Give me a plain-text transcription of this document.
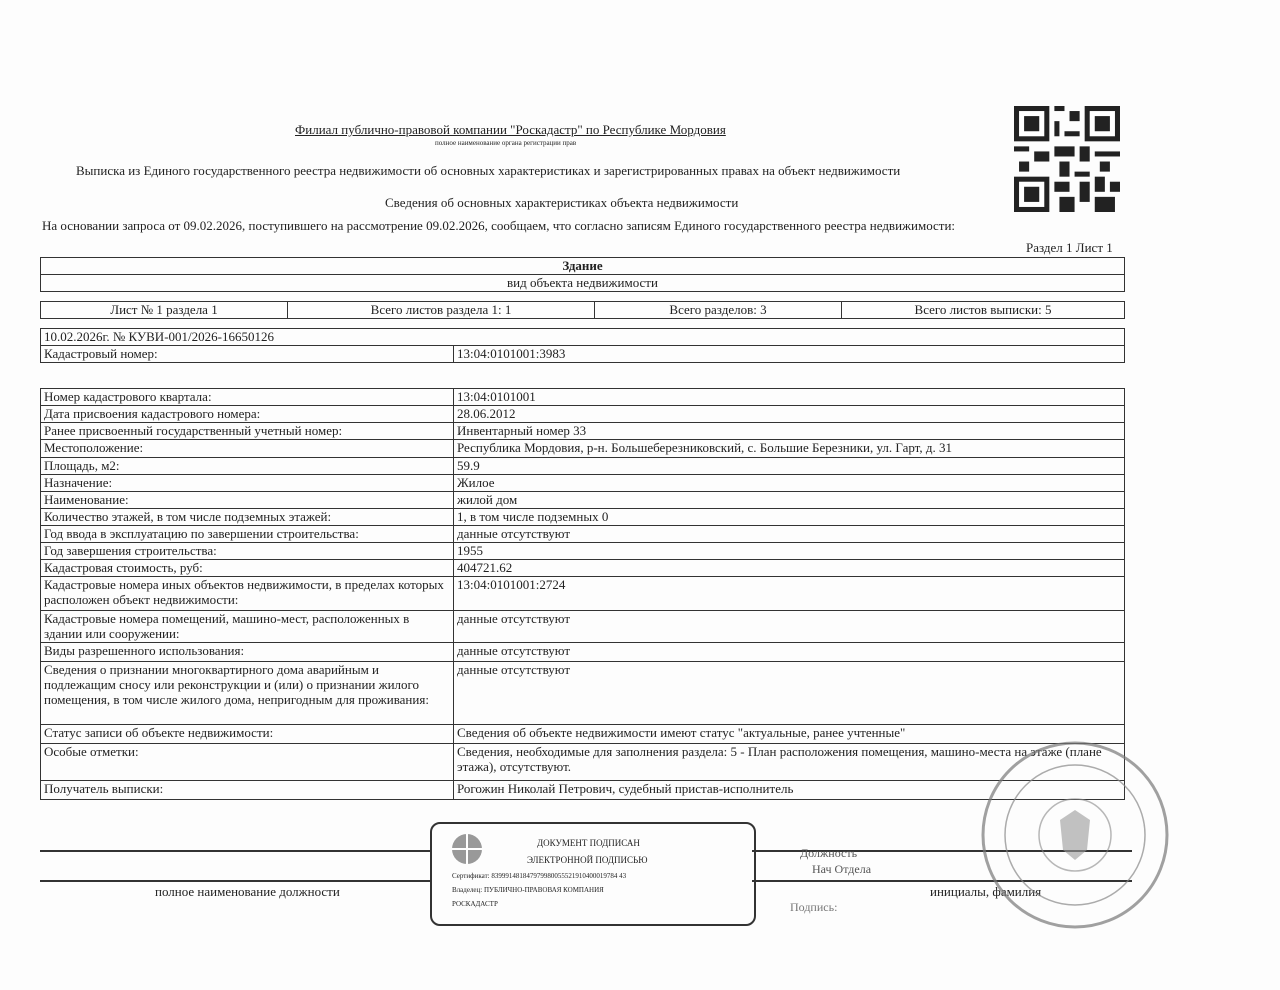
Филиал публично-правовой компании "Роскадастр" по Республике Мордовия
полное наименование органа регистрации прав
Выписка из Единого государственного реестра недвижимости об основных характеристиках и зарегистрированных правах на объект недвижимости
Сведения об основных характеристиках объекта недвижимости
На основании запроса от 09.02.2026, поступившего на рассмотрение 09.02.2026, сообщаем, что согласно записям Единого государственного реестра недвижимости:
Раздел 1 Лист 1
Здание
вид объекта недвижимости
Лист № 1 раздела 1	Всего листов раздела 1: 1	Всего разделов: 3	Всего листов выписки: 5
10.02.2026г. № КУВИ-001/2026-16650126
Кадастровый номер:	13:04:0101001:3983
Номер кадастрового квартала:	13:04:0101001
Дата присвоения кадастрового номера:	28.06.2012
Ранее присвоенный государственный учетный номер:	Инвентарный номер 33
Местоположение:	Республика Мордовия, р-н. Большеберезниковский, с. Большие Березники, ул. Гарт, д. 31
Площадь, м2:	59.9
Назначение:	Жилое
Наименование:	жилой дом
Количество этажей, в том числе подземных этажей:	1, в том числе подземных 0
Год ввода в эксплуатацию по завершении строительства:	данные отсутствуют
Год завершения строительства:	1955
Кадастровая стоимость, руб:	404721.62
Кадастровые номера иных объектов недвижимости, в пределах которых расположен объект недвижимости:	13:04:0101001:2724
Кадастровые номера помещений, машино-мест, расположенных в здании или сооружении:	данные отсутствуют
Виды разрешенного использования:	данные отсутствуют
Сведения о признании многоквартирного дома аварийным и подлежащим сносу или реконструкции и (или) о признании жилого помещения, в том числе жилого дома, непригодным для проживания:	данные отсутствуют
Статус записи об объекте недвижимости:	Сведения об объекте недвижимости имеют статус "актуальные, ранее учтенные"
Особые отметки:	Сведения, необходимые для заполнения раздела: 5 - План расположения помещения, машино-места на этаже (плане этажа), отсутствуют.
Получатель выписки:	Рогожин Николай Петрович, судебный пристав-исполнитель
ДОКУМЕНТ ПОДПИСАН
ЭЛЕКТРОННОЙ ПОДПИСЬЮ
Сертификат: 839991481847979980055521910400019784 43
Владелец: ПУБЛИЧНО-ПРАВОВАЯ КОМПАНИЯ
РОСКАДАСТР
полное наименование должности
Должность
Нач Отдела
инициалы, фамилия
Подпись:
